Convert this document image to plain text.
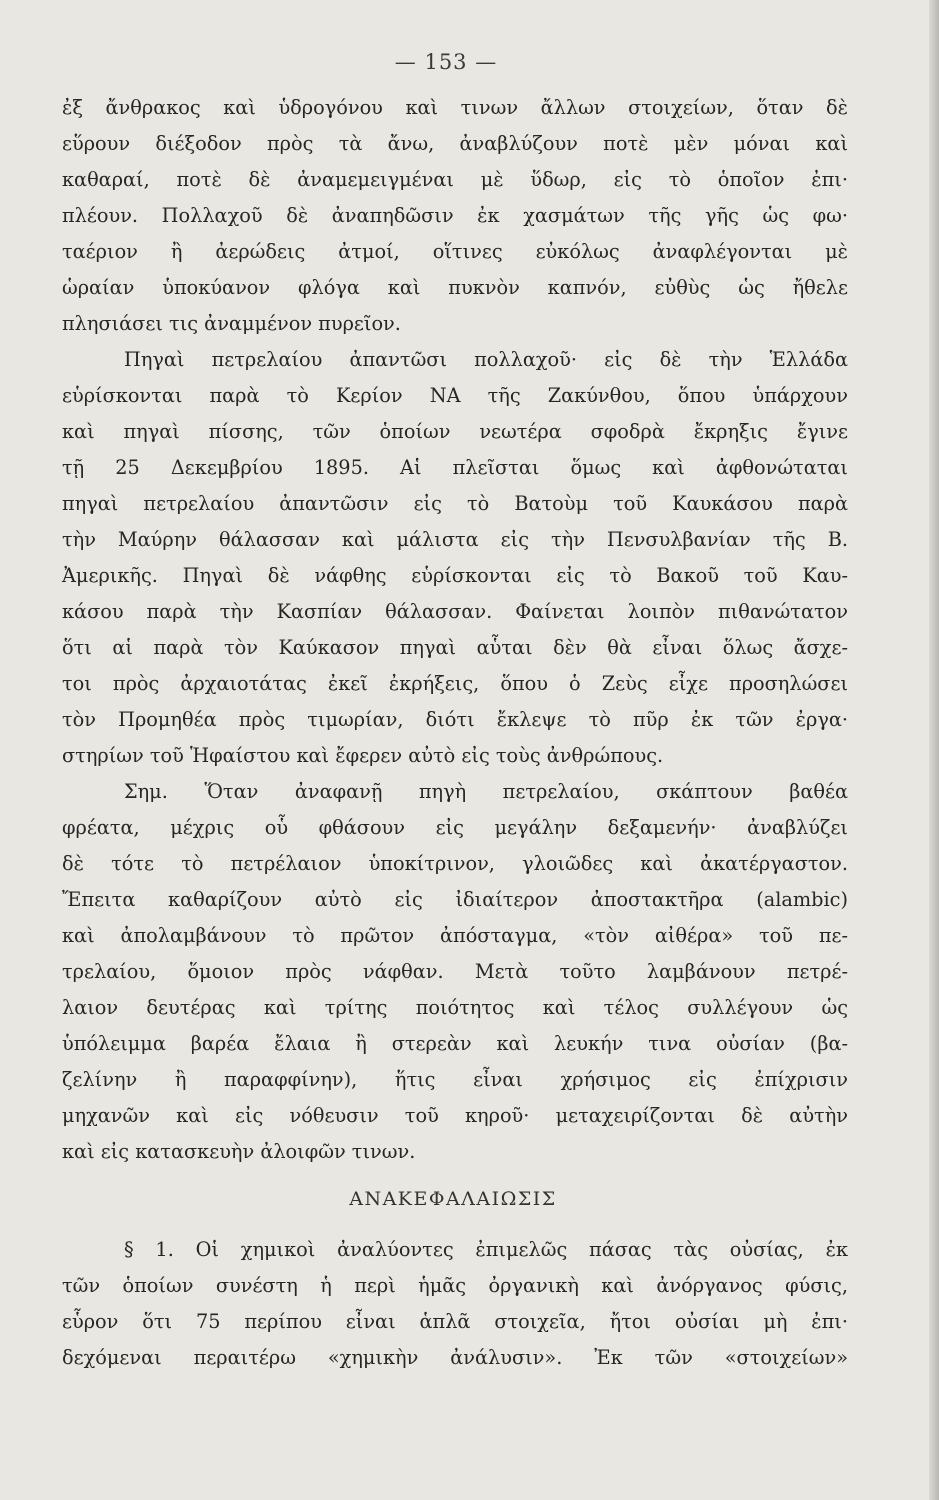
— 153 —

ἐξ ἄνθρακος καὶ ὑδρογόνου καὶ τινων ἄλλων στοιχείων, ὅταν δὲ

εὕρουν διέξοδον πρὸς τὰ ἄνω, ἀναβλύζουν ποτὲ μὲν μόναι καὶ

καθαραί, ποτὲ δὲ ἀναμεμειγμέναι μὲ ὕδωρ, εἰς τὸ ὁποῖον ἐπι·

πλέουν. Πολλαχοῦ δὲ ἀναπηδῶσιν ἐκ χασμάτων τῆς γῆς ὡς φω·

ταέριον ἢ ἀερώδεις ἀτμοί, οἵτινες εὐκόλως ἀναφλέγονται μὲ

ὡραίαν ὑποκύανον φλόγα καὶ πυκνὸν καπνόν, εὐθὺς ὡς ἤθελε

πλησιάσει τις ἀναμμένον πυρεῖον.

Πηγαὶ πετρελαίου ἀπαντῶσι πολλαχοῦ· εἰς δὲ τὴν Ἑλλάδα

εὑρίσκονται παρὰ τὸ Κερίον ΝΑ τῆς Ζακύνθου, ὅπου ὑπάρχουν

καὶ πηγαὶ πίσσης, τῶν ὁποίων νεωτέρα σφοδρὰ ἔκρηξις ἔγινε

τῇ 25 Δεκεμβρίου 1895. Αἱ πλεῖσται ὅμως καὶ ἀφθονώταται

πηγαὶ πετρελαίου ἀπαντῶσιν εἰς τὸ Βατοὺμ τοῦ Καυκάσου παρὰ

τὴν Μαύρην θάλασσαν καὶ μάλιστα εἰς τὴν Πενσυλβανίαν τῆς Β.

Ἀμερικῆς. Πηγαὶ δὲ νάφθης εὑρίσκονται εἰς τὸ Βακοῦ τοῦ Καυ-

κάσου παρὰ τὴν Κασπίαν θάλασσαν. Φαίνεται λοιπὸν πιθανώτατον

ὅτι αἱ παρὰ τὸν Καύκασον πηγαὶ αὗται δὲν θὰ εἶναι ὅλως ἄσχε-

τοι πρὸς ἀρχαιοτάτας ἐκεῖ ἐκρήξεις, ὅπου ὁ Ζεὺς εἶχε προσηλώσει

τὸν Προμηθέα πρὸς τιμωρίαν, διότι ἔκλεψε τὸ πῦρ ἐκ τῶν ἐργα·

στηρίων τοῦ Ἡφαίστου καὶ ἔφερεν αὐτὸ εἰς τοὺς ἀνθρώπους.

Σημ. Ὅταν ἀναφανῇ πηγὴ πετρελαίου, σκάπτουν βαθέα

φρέατα, μέχρις οὗ φθάσουν εἰς μεγάλην δεξαμενήν· ἀναβλύζει

δὲ τότε τὸ πετρέλαιον ὑποκίτρινον, γλοιῶδες καὶ ἀκατέργαστον.

Ἔπειτα καθαρίζουν αὐτὸ εἰς ἰδιαίτερον ἀποστακτῆρα (alambic)

καὶ ἀπολαμβάνουν τὸ πρῶτον ἀπόσταγμα, «τὸν αἰθέρα» τοῦ πε-

τρελαίου, ὅμοιον πρὸς νάφθαν. Μετὰ τοῦτο λαμβάνουν πετρέ-

λαιον δευτέρας καὶ τρίτης ποιότητος καὶ τέλος συλλέγουν ὡς

ὑπόλειμμα βαρέα ἔλαια ἢ στερεὰν καὶ λευκήν τινα οὐσίαν (βα-

ζελίνην ἢ παραφφίνην), ἥτις εἶναι χρήσιμος εἰς ἐπίχρισιν

μηχανῶν καὶ εἰς νόθευσιν τοῦ κηροῦ· μεταχειρίζονται δὲ αὐτὴν

καὶ εἰς κατασκευὴν ἀλοιφῶν τινων.

ΑΝΑΚΕΦΑΛΑΙΩΣΙΣ

§ 1. Οἱ χημικοὶ ἀναλύοντες ἐπιμελῶς πάσας τὰς οὐσίας, ἐκ

τῶν ὁποίων συνέστη ἡ περὶ ἡμᾶς ὀργανικὴ καὶ ἀνόργανος φύσις,

εὗρον ὅτι 75 περίπου εἶναι ἁπλᾶ στοιχεῖα, ἤτοι οὐσίαι μὴ ἐπι·

δεχόμεναι περαιτέρω «χημικὴν ἀνάλυσιν». Ἐκ τῶν «στοιχείων»
